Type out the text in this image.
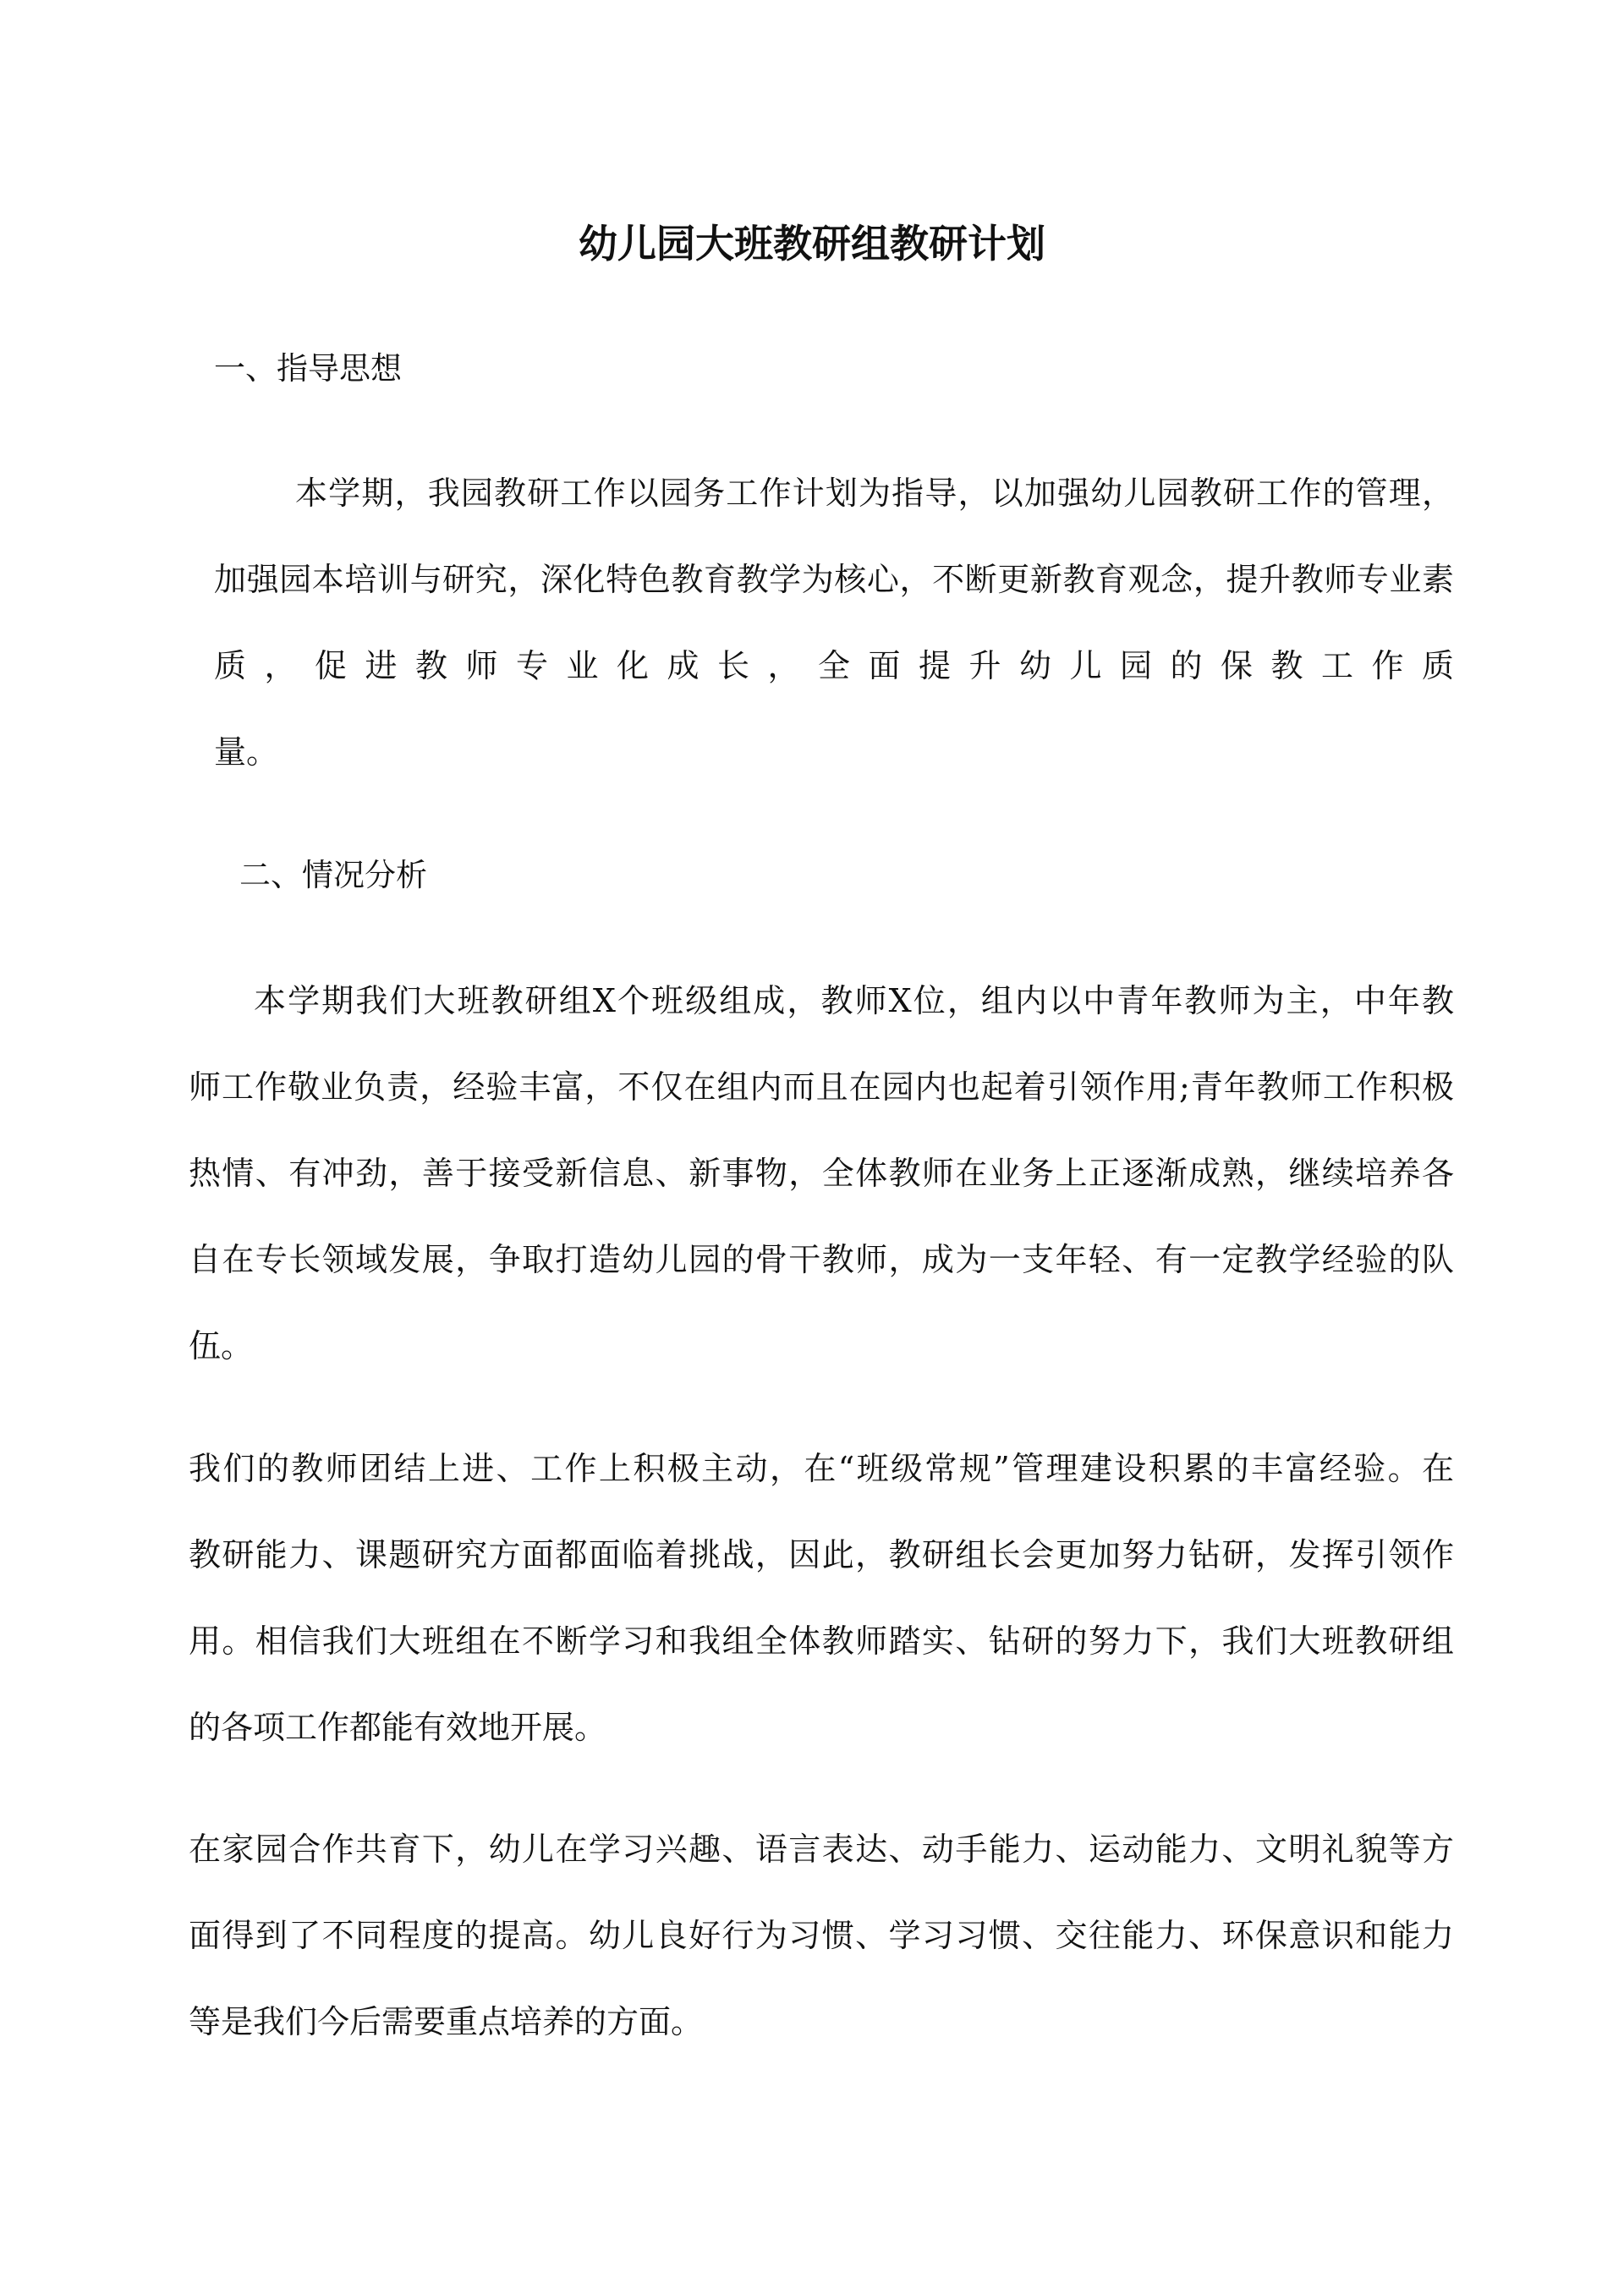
幼儿园大班教研组教研计划
一、指导思想
本学期，我园教研工作以园务工作计划为指导，以加强幼儿园教研工作的管理，
加强园本培训与研究，深化特色教育教学为核心，不断更新教育观念，提升教师专业素
质，促进教师专业化成长，全面提升幼儿园的保教工作质
量。
二、情况分析
本学期我们大班教研组X个班级组成，教师X位，组内以中青年教师为主，中年教
师工作敬业负责，经验丰富，不仅在组内而且在园内也起着引领作用;青年教师工作积极
热情、有冲劲，善于接受新信息、新事物，全体教师在业务上正逐渐成熟，继续培养各
自在专长领域发展，争取打造幼儿园的骨干教师，成为一支年轻、有一定教学经验的队
伍。
我们的教师团结上进、工作上积极主动，在“班级常规”管理建设积累的丰富经验。在
教研能力、课题研究方面都面临着挑战，因此，教研组长会更加努力钻研，发挥引领作
用。相信我们大班组在不断学习和我组全体教师踏实、钻研的努力下，我们大班教研组
的各项工作都能有效地开展。
在家园合作共育下，幼儿在学习兴趣、语言表达、动手能力、运动能力、文明礼貌等方
面得到了不同程度的提高。幼儿良好行为习惯、学习习惯、交往能力、环保意识和能力
等是我们今后需要重点培养的方面。
